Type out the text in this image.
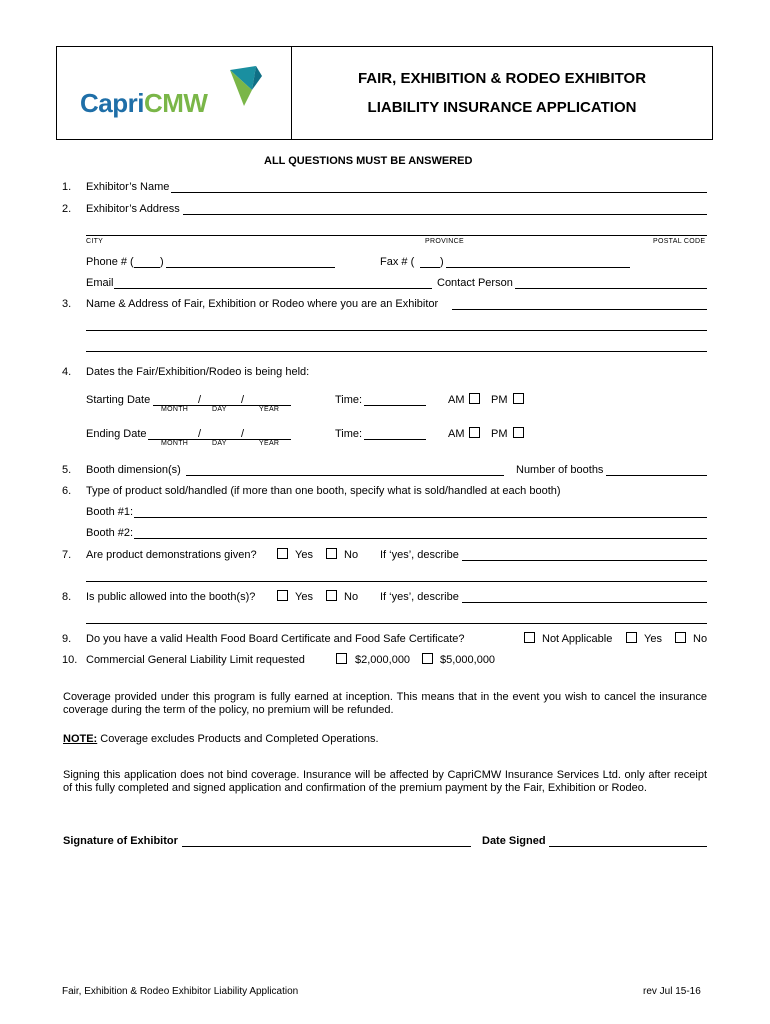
CapriCMW
FAIR, EXHIBITION & RODEO EXHIBITOR
LIABILITY INSURANCE APPLICATION
ALL QUESTIONS MUST BE ANSWERED
1. Exhibitor’s Name
2. Exhibitor’s Address
CITY	PROVINCE	POSTAL CODE
Phone # ( )	Fax # ( )
Email	Contact Person
3. Name & Address of Fair, Exhibition or Rodeo where you are an Exhibitor
4. Dates the Fair/Exhibition/Rodeo is being held:
Starting Date	/	/
MONTH	DAY	YEAR
Time:	AM PM
Ending Date	/	/
MONTH	DAY	YEAR
Time:	AM PM
5. Booth dimension(s)	Number of booths
6. Type of product sold/handled (if more than one booth, specify what is sold/handled at each booth)
Booth #1:
Booth #2:
7. Are product demonstrations given?	Yes	No If ‘yes’, describe
8. Is public allowed into the booth(s)?	Yes	No If ‘yes’, describe
9. Do you have a valid Health Food Board Certificate and Food Safe Certificate?	Not Applicable	Yes	No
10. Commercial General Liability Limit requested	$2,000,000	$5,000,000
Coverage provided under this program is fully earned at inception. This means that in the event you wish to cancel the insurance coverage during the term of the policy, no premium will be refunded.
NOTE: Coverage excludes Products and Completed Operations.
Signing this application does not bind coverage. Insurance will be affected by CapriCMW Insurance Services Ltd. only after receipt of this fully completed and signed application and confirmation of the premium payment by the Fair, Exhibition or Rodeo.
Signature of Exhibitor	Date Signed
Fair, Exhibition & Rodeo Exhibitor Liability Application	rev Jul 15-16
